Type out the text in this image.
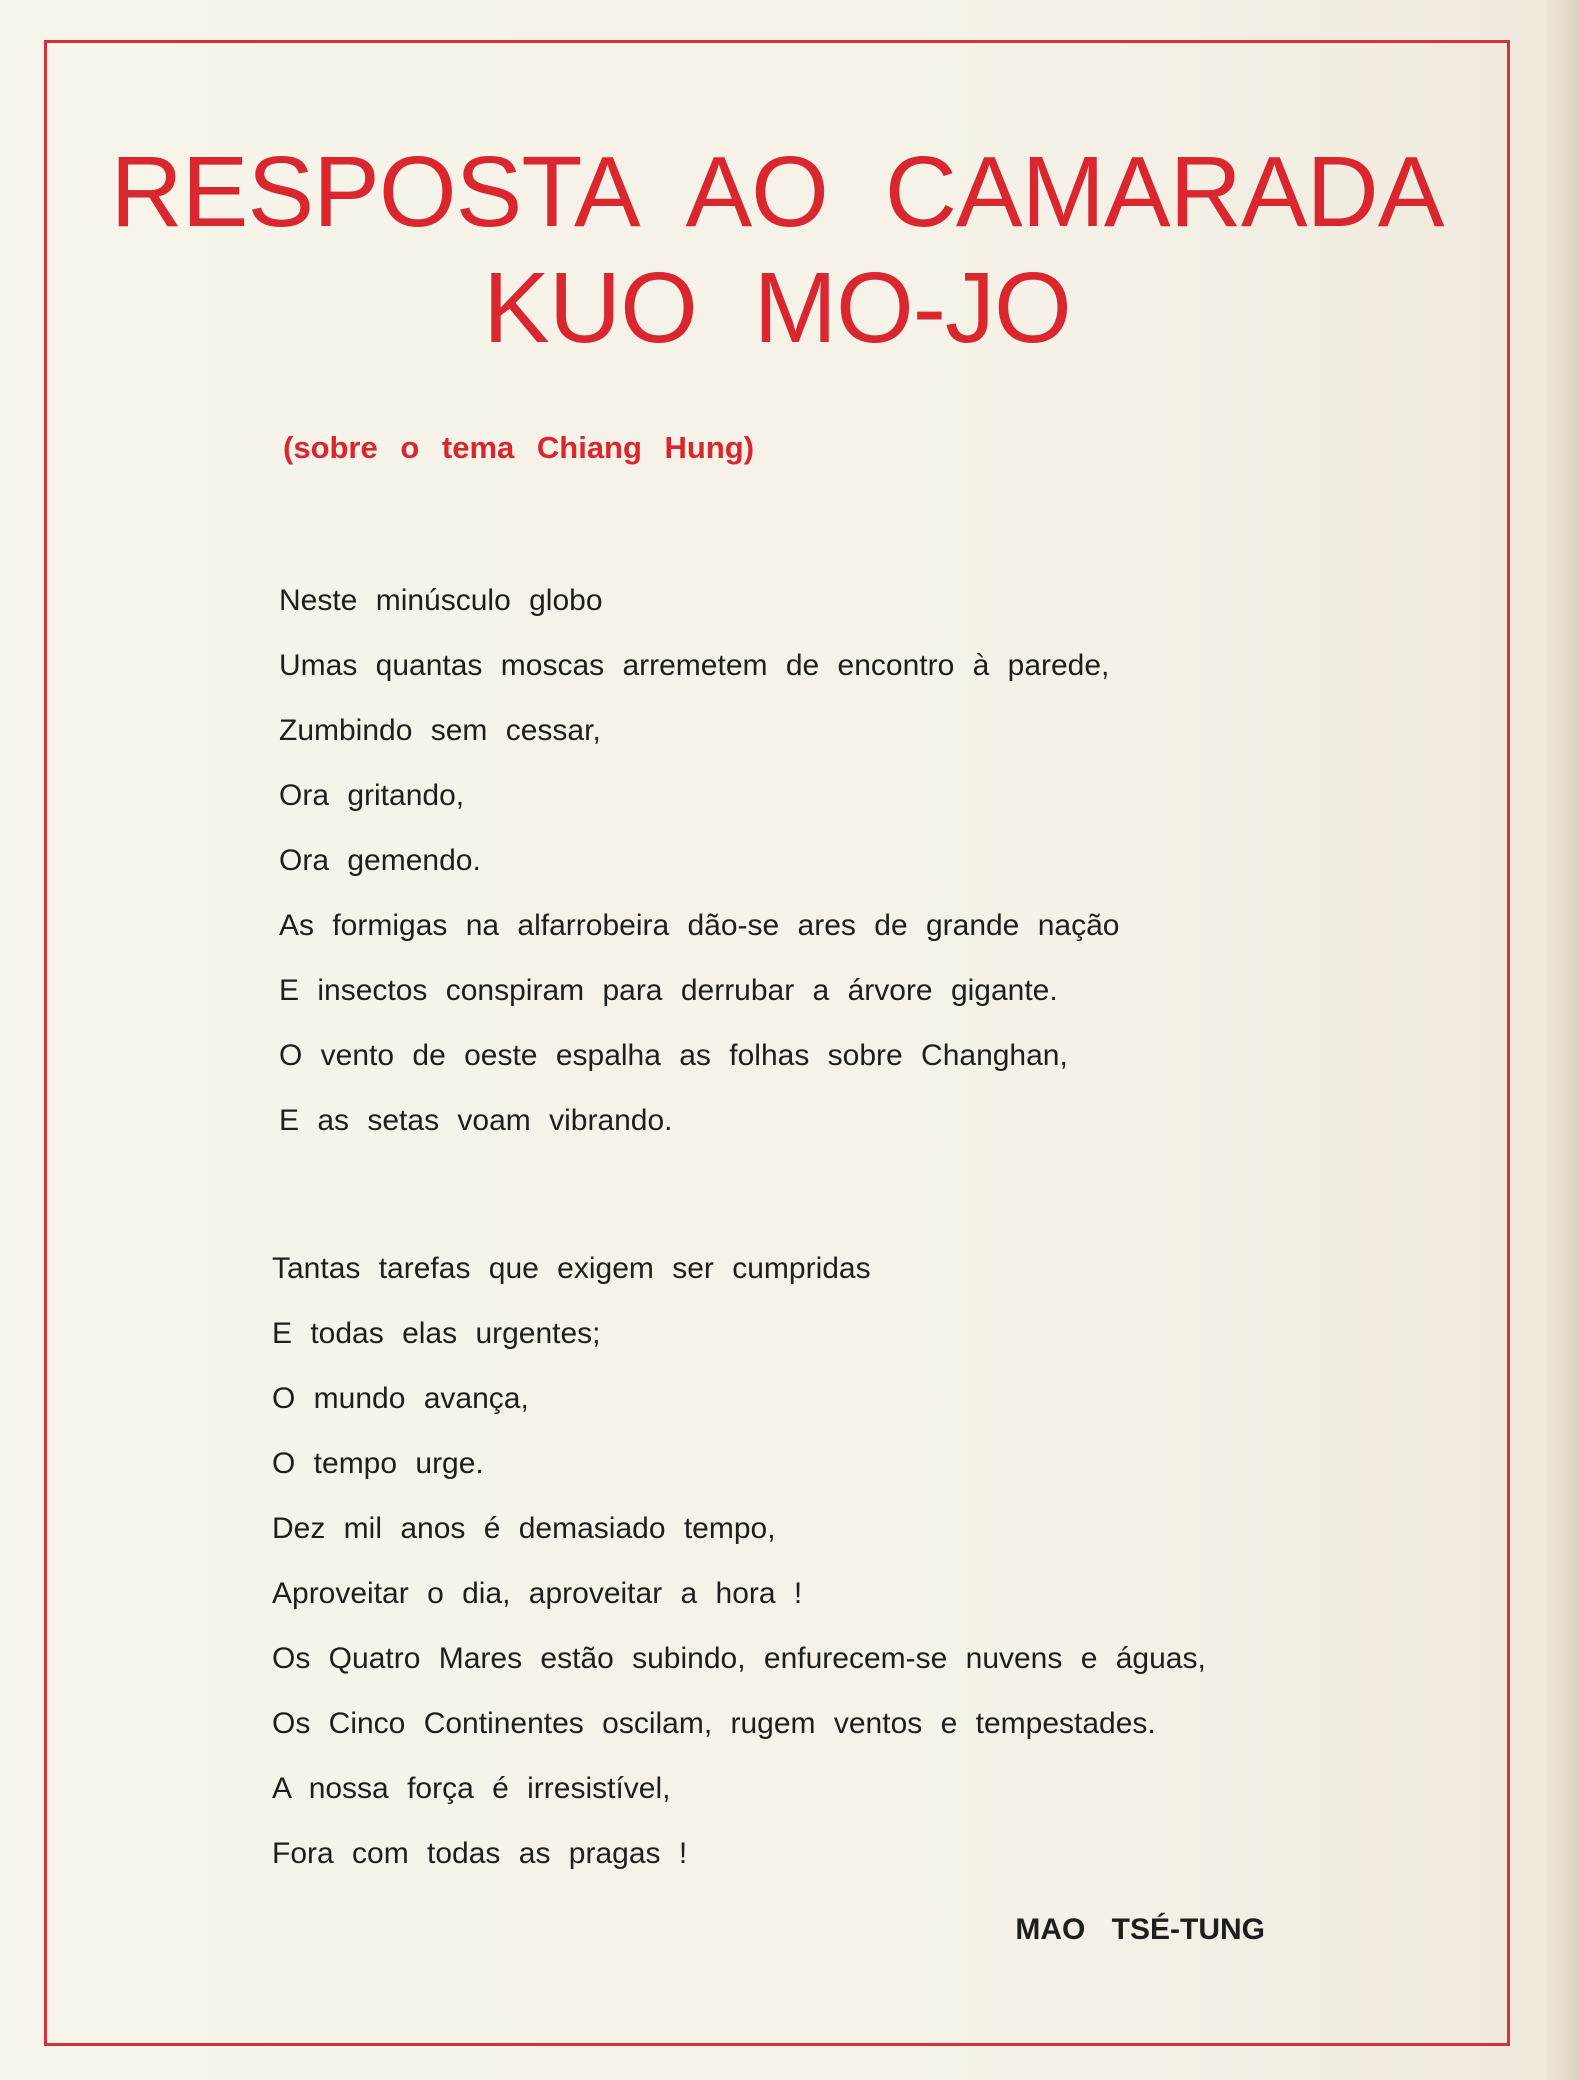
RESPOSTA AO CAMARADA
KUO MO-JO

(sobre o tema Chiang Hung)

Neste minúsculo globo
Umas quantas moscas arremetem de encontro à parede,
Zumbindo sem cessar,
Ora gritando,
Ora gemendo.
As formigas na alfarrobeira dão-se ares de grande nação
E insectos conspiram para derrubar a árvore gigante.
O vento de oeste espalha as folhas sobre Changhan,
E as setas voam vibrando.
Tantas tarefas que exigem ser cumpridas
E todas elas urgentes;
O mundo avança,
O tempo urge.
Dez mil anos é demasiado tempo,
Aproveitar o dia, aproveitar a hora !
Os Quatro Mares estão subindo, enfurecem-se nuvens e águas,
Os Cinco Continentes oscilam, rugem ventos e tempestades.
A nossa força é irresistível,
Fora com todas as pragas !

MAO TSÉ-TUNG
